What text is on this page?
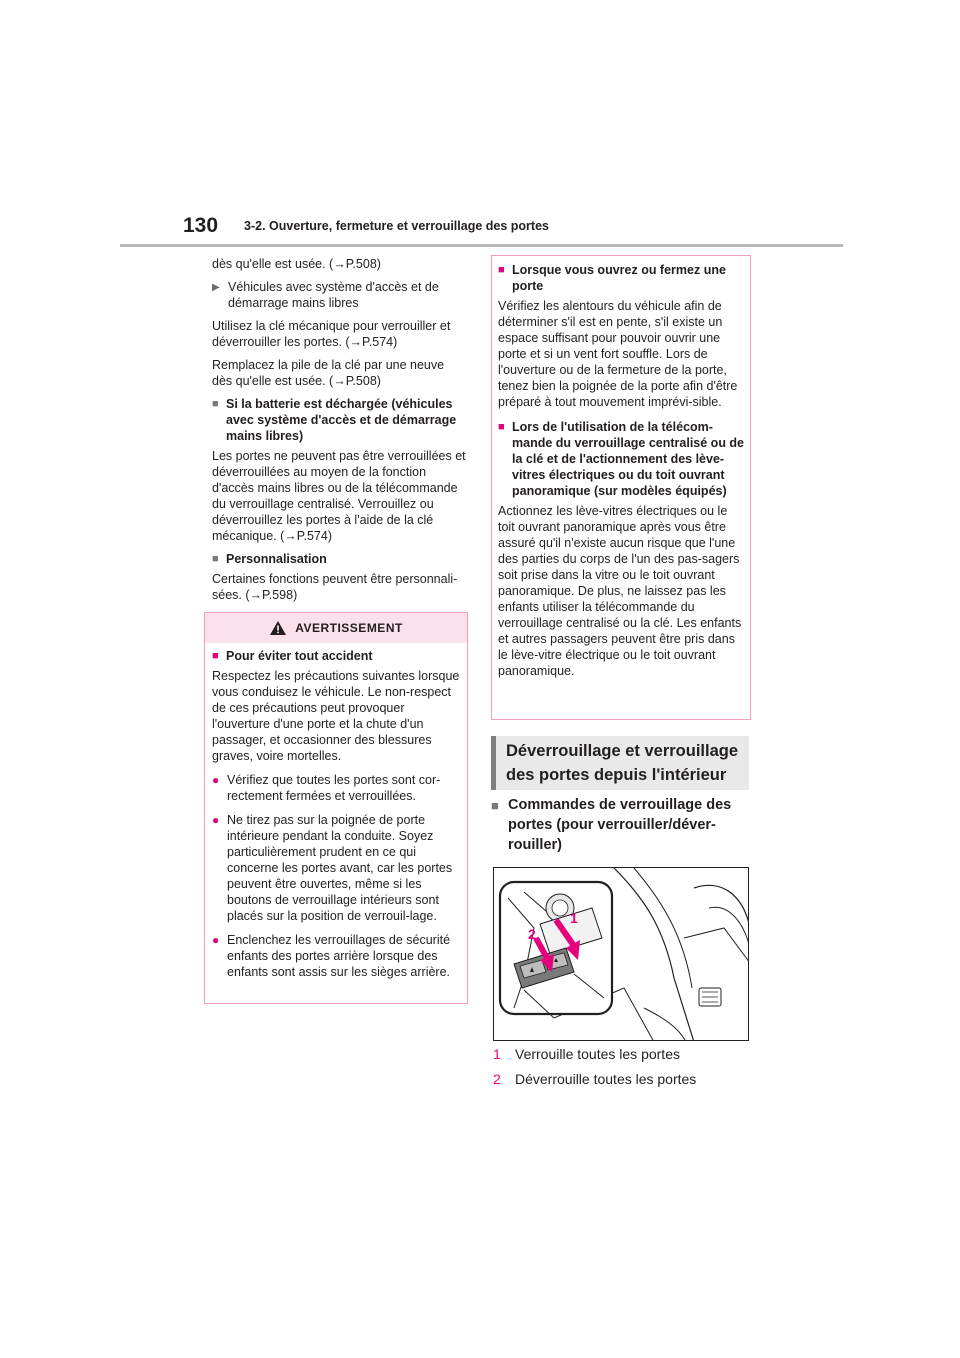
130 3-2. Ouverture, fermeture et verrouillage des portes

dès qu'elle est usée. (→P.508)

▶ Véhicules avec système d'accès et de démarrage mains libres

Utilisez la clé mécanique pour verrouiller et déverrouiller les portes. (→P.574)

Remplacez la pile de la clé par une neuve dès qu'elle est usée. (→P.508)

■ Si la batterie est déchargée (véhicules avec système d'accès et de démarrage mains libres)

Les portes ne peuvent pas être verrouillées et déverrouillées au moyen de la fonction d'accès mains libres ou de la télécommande du verrouillage centralisé. Verrouillez ou déverrouillez les portes à l'aide de la clé mécanique. (→P.574)

■ Personnalisation

Certaines fonctions peuvent être personnali-sées. (→P.598)

AVERTISSEMENT
■ Pour éviter tout accident

Respectez les précautions suivantes lorsque vous conduisez le véhicule. Le non-respect de ces précautions peut provoquer l'ouverture d'une porte et la chute d'un passager, et occasionner des blessures graves, voire mortelles.

● Vérifiez que toutes les portes sont cor-rectement fermées et verrouillées.
● Ne tirez pas sur la poignée de porte intérieure pendant la conduite. Soyez particulièrement prudent en ce qui concerne les portes avant, car les portes peuvent être ouvertes, même si les boutons de verrouillage intérieurs sont placés sur la position de verrouil-lage.
● Enclenchez les verrouillages de sécurité enfants des portes arrière lorsque des enfants sont assis sur les sièges arrière.
■ Lorsque vous ouvrez ou fermez une porte

Vérifiez les alentours du véhicule afin de déterminer s'il est en pente, s'il existe un espace suffisant pour pouvoir ouvrir une porte et si un vent fort souffle. Lors de l'ouverture ou de la fermeture de la porte, tenez bien la poignée de la porte afin d'être préparé à tout mouvement imprévi-sible.

■ Lors de l'utilisation de la télécom-mande du verrouillage centralisé ou de la clé et de l'actionnement des lève-vitres électriques ou du toit ouvrant panoramique (sur modèles équipés)

Actionnez les lève-vitres électriques ou le toit ouvrant panoramique après vous être assuré qu'il n'existe aucun risque que l'une des parties du corps de l'un des pas-sagers soit prise dans la vitre ou le toit ouvrant panoramique. De plus, ne laissez pas les enfants utiliser la télécommande du verrouillage centralisé ou la clé. Les enfants et autres passagers peuvent être pris dans le lève-vitre électrique ou le toit ouvrant panoramique.

Déverrouillage et verrouillage des portes depuis l'intérieur
■ Commandes de verrouillage des portes (pour verrouiller/déver-rouiller)
1
2
1	Verrouille toutes les portes
2	Déverrouille toutes les portes
